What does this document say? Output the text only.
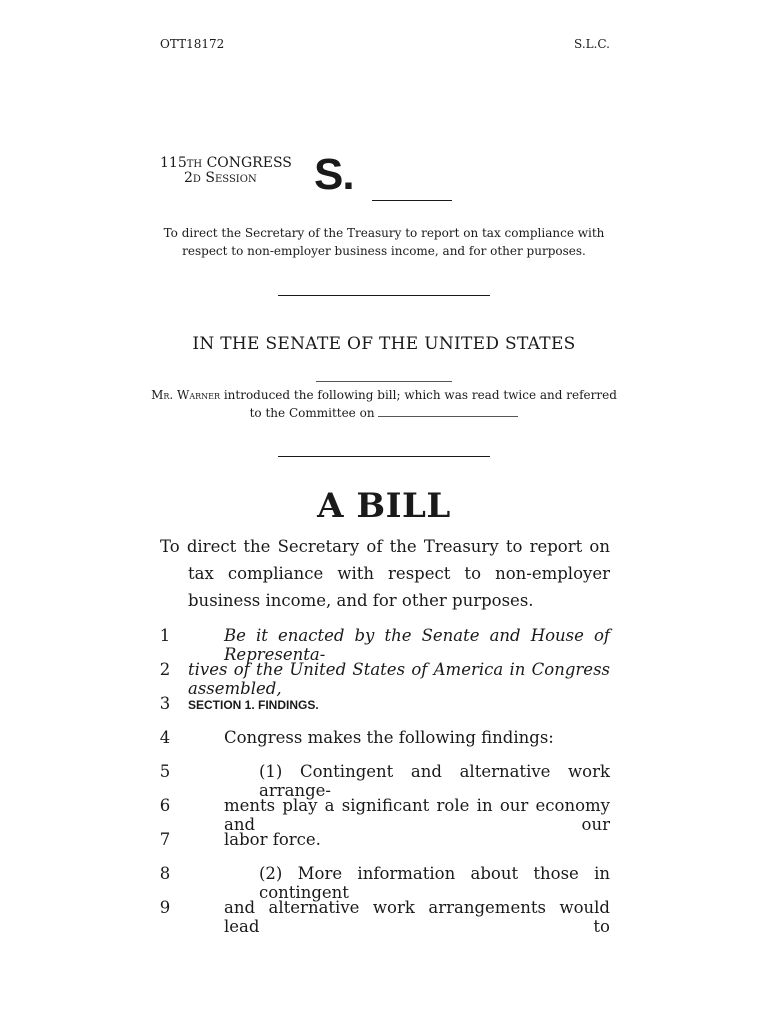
OTT18172	S.L.C.
115th CONGRESS
2d Session	S.
To direct the Secretary of the Treasury to report on tax compliance with respect to non-employer business income, and for other purposes.
IN THE SENATE OF THE UNITED STATES
Mr. Warner introduced the following bill; which was read twice and referred
to the Committee on
A BILL
To direct the Secretary of the Treasury to report on tax compliance with respect to non-employer business income, and for other purposes.
1	Be it enacted by the Senate and House of Representa-
2	tives of the United States of America in Congress assembled,
3	SECTION 1. FINDINGS.
4	Congress makes the following findings:
5	(1) Contingent and alternative work arrange-
6	ments play a significant role in our economy and our
7	labor force.
8	(2) More information about those in contingent
9	and alternative work arrangements would lead to
